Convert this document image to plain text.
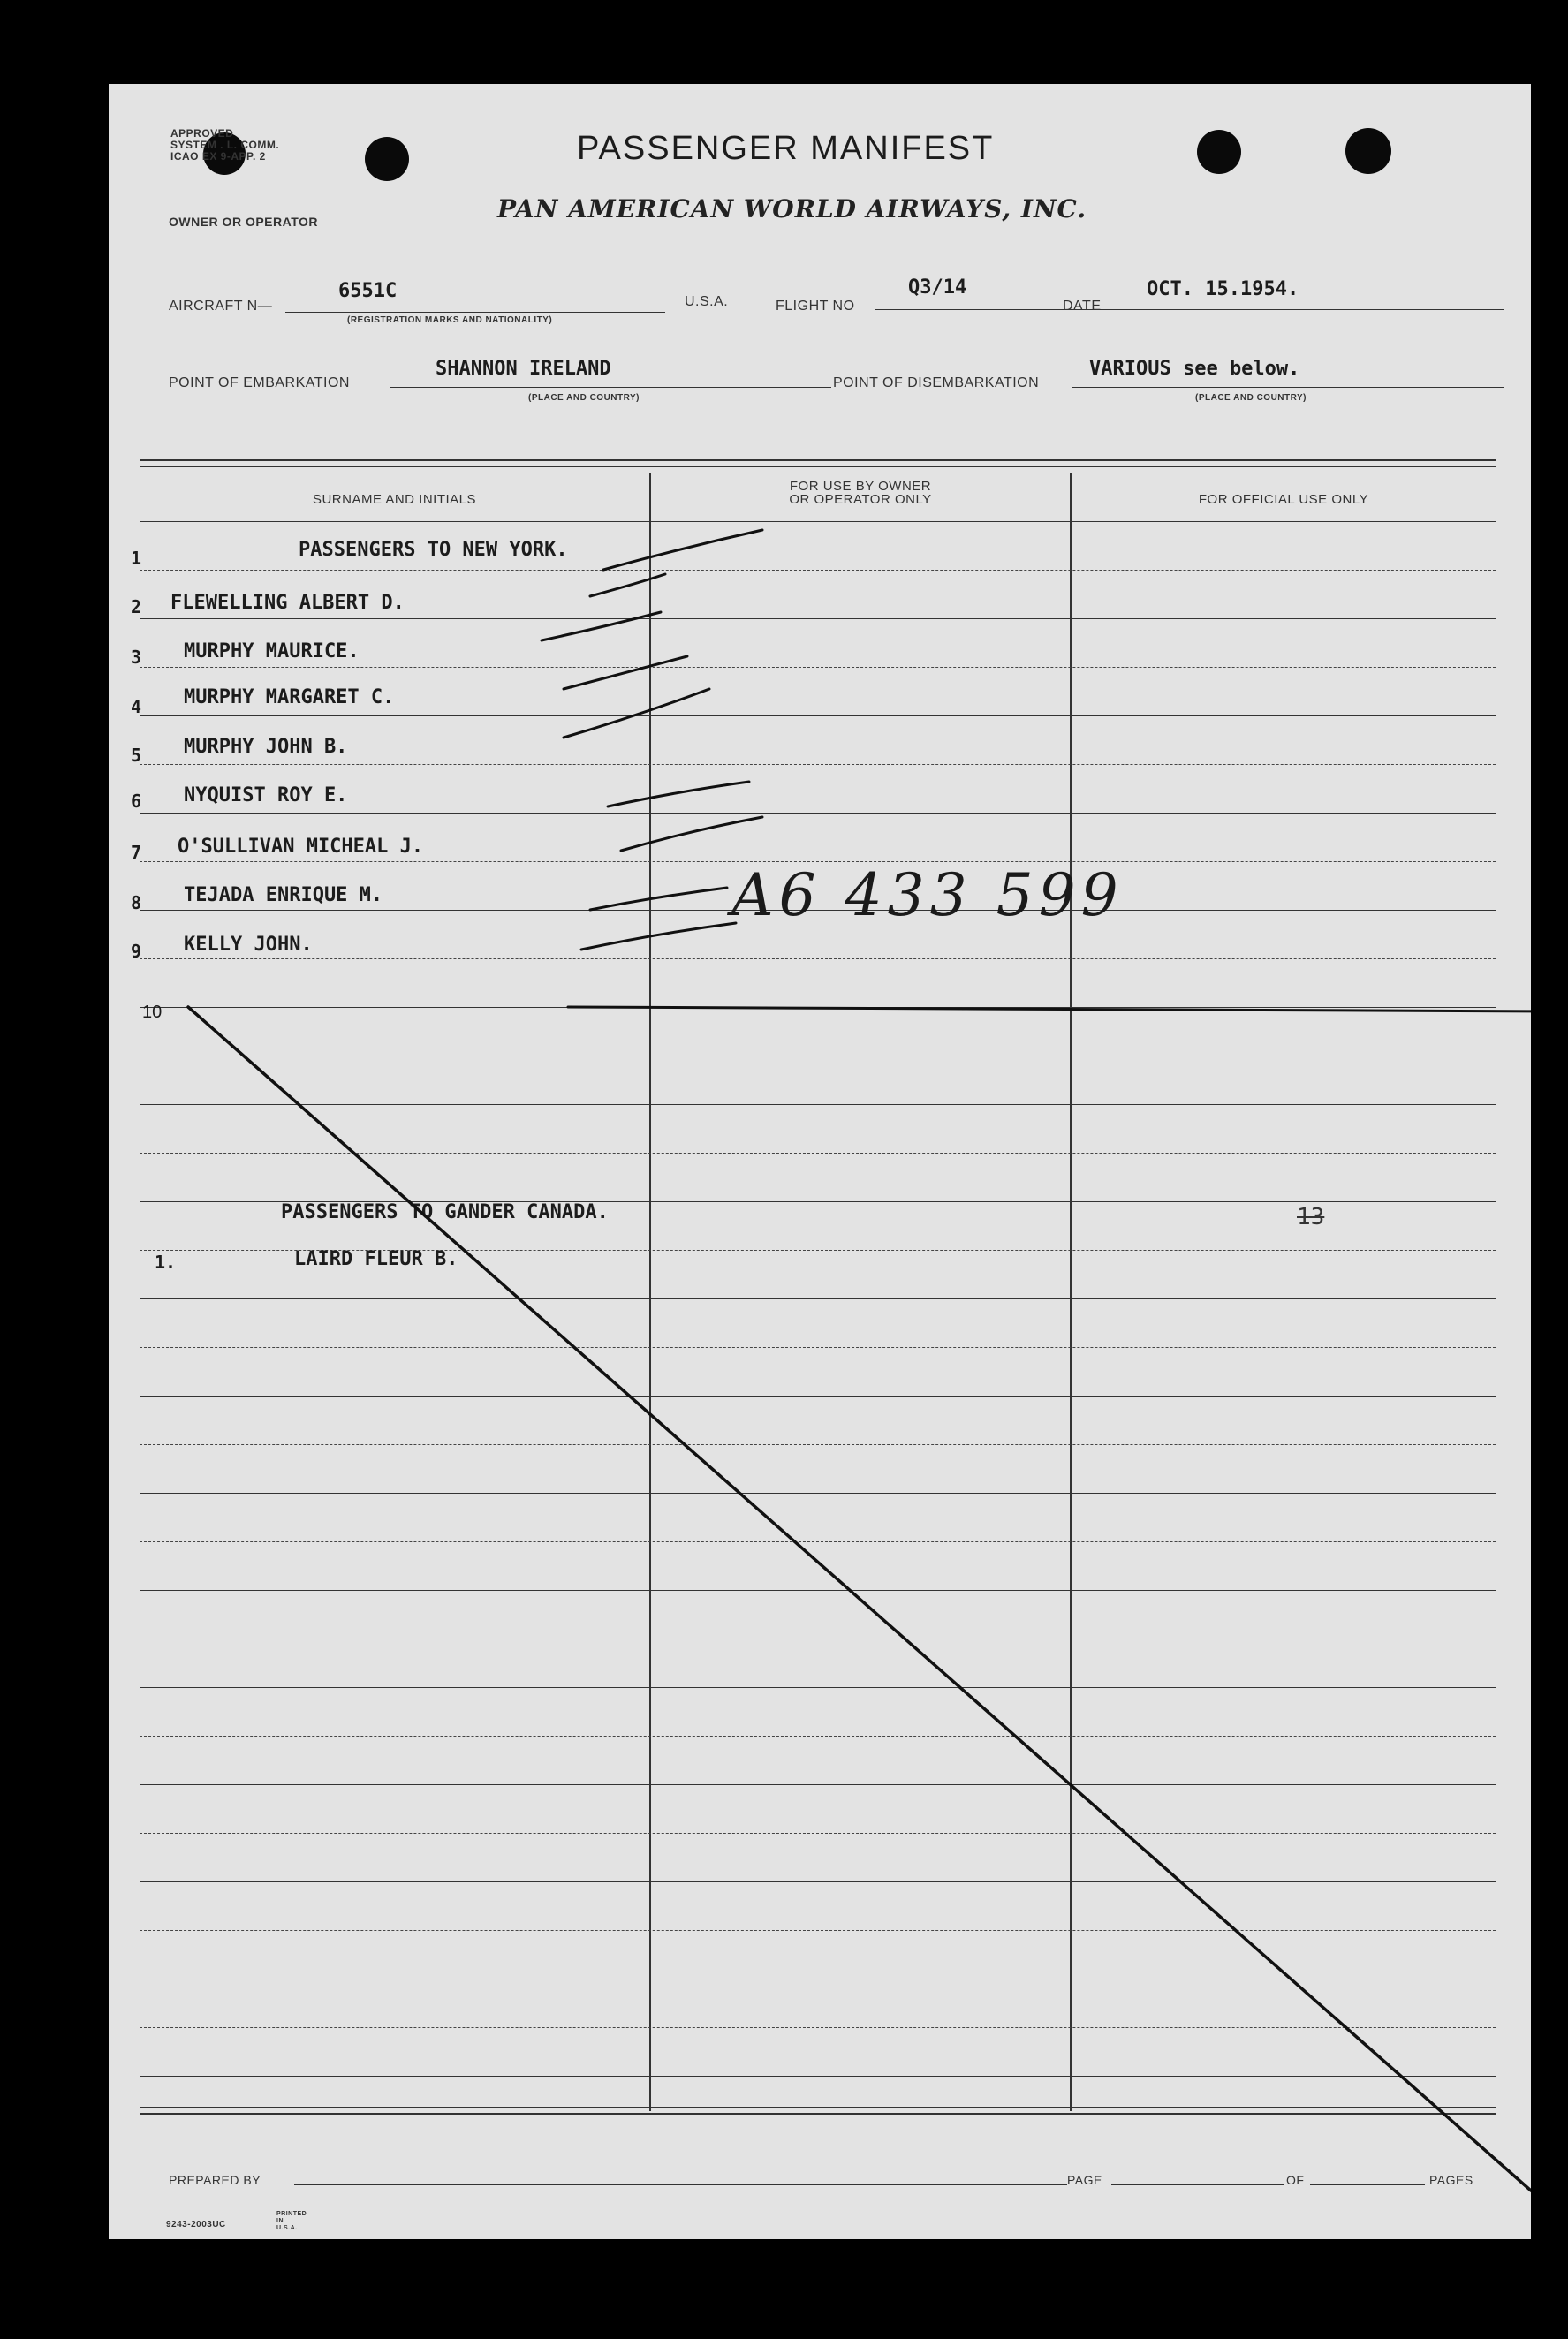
APPROVED
SYSTEM . L. COMM.
ICAO EX 9-APP. 2
OWNER OR OPERATOR
PASSENGER MANIFEST
PAN AMERICAN WORLD AIRWAYS, INC.
AIRCRAFT N—
6551C
(REGISTRATION MARKS AND NATIONALITY)
U.S.A.	FLIGHT NO
Q3/14
DATE
OCT. 15.1954.
POINT OF EMBARKATION
SHANNON IRELAND
(PLACE AND COUNTRY)
POINT OF DISEMBARKATION
VARIOUS see below.
(PLACE AND COUNTRY)
SURNAME AND INITIALS
FOR USE BY OWNER
OR OPERATOR ONLY	FOR OFFICIAL USE ONLY
1	PASSENGERS TO NEW YORK.
2 FLEWELLING ALBERT D.
3 MURPHY MAURICE.
4 MURPHY MARGARET C.
5 MURPHY JOHN B.
6 NYQUIST ROY E.
7 O'SULLIVAN MICHEAL J.
8 TEJADA ENRIQUE M.
9 KELLY JOHN.
10
PASSENGERS TO GANDER CANADA.	13
1.	LAIRD FLEUR B.
A6 433 599
PREPARED BY	PAGE	OF	PAGES
9243-2003UC
PRINTED IN U.S.A.
